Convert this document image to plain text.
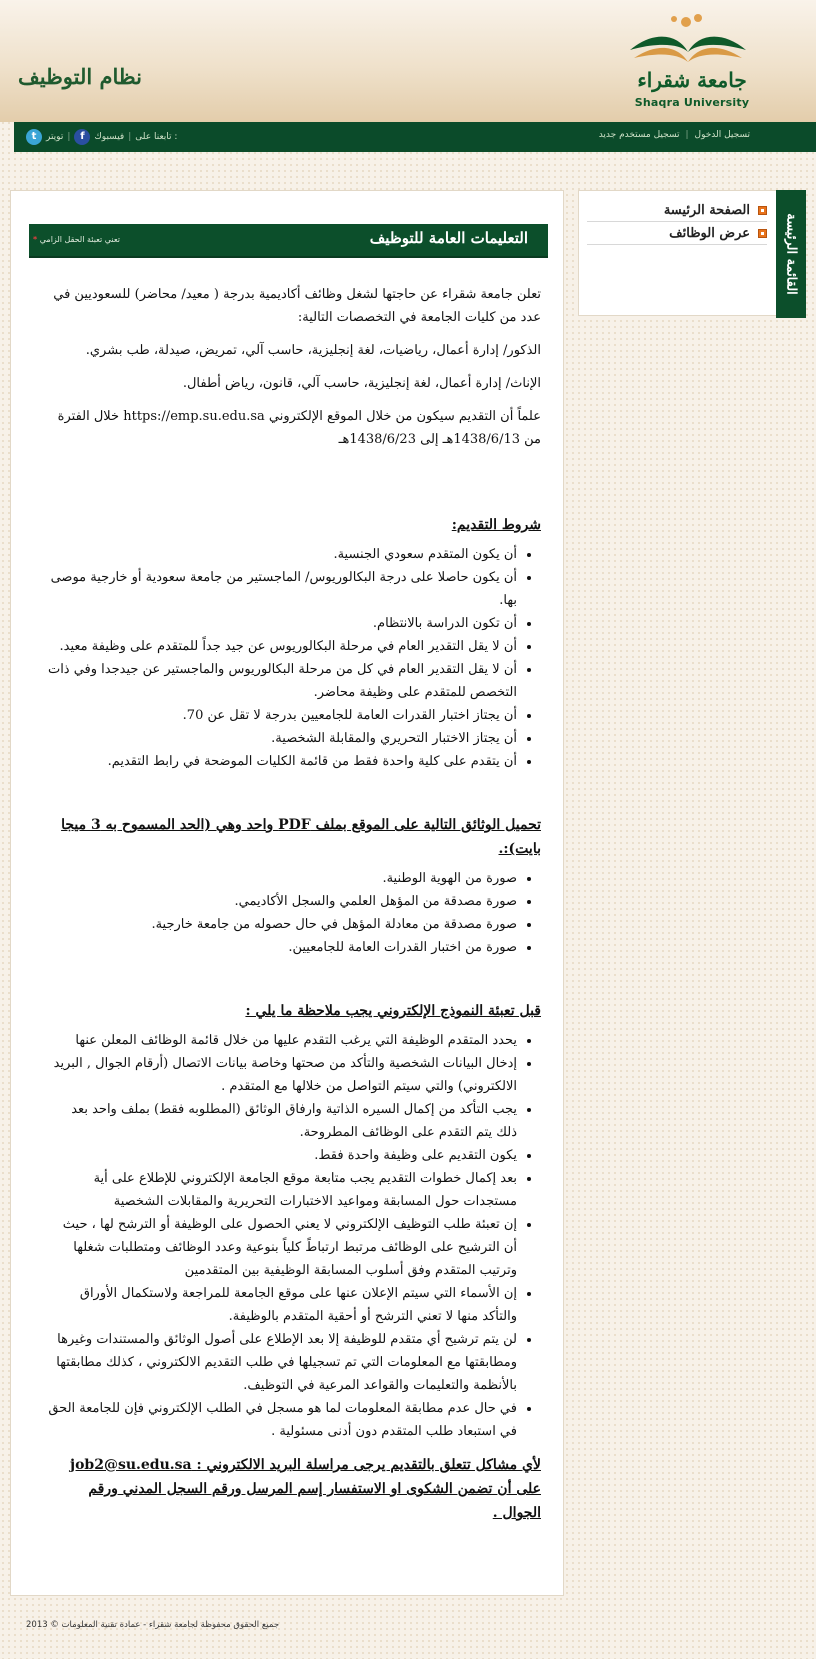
نظام التوظيف	جامعة شقراء
Shaqra University
t	تويتر | f	فيسبوك | تابعنا على :	تسجيل مستخدم جديد | تسجيل الدخول
القائمة الرئيسة
الصفحة الرئيسة
عرض الوظائف
التعليمات العامة للتوظيف
* تعني تعبئة الحقل الزامي

تعلن جامعة شقراء عن حاجتها لشغل وظائف أكاديمية بدرجة ( معيد/ محاضر) للسعوديين في عدد من كليات الجامعة في التخصصات التالية:

الذكور/ إدارة أعمال، رياضيات، لغة إنجليزية، حاسب آلي، تمريض، صيدلة، طب بشري.

الإناث/ إدارة أعمال، لغة إنجليزية، حاسب آلي، قانون، رياض أطفال.

علماً أن التقديم سيكون من خلال الموقع الإلكتروني https://emp.su.edu.sa خلال الفترة من 1438/6/13هـ إلى 1438/6/23هـ

شروط التقديم:
• أن يكون المتقدم سعودي الجنسية.
• أن يكون حاصلا على درجة البكالوريوس/ الماجستير من جامعة سعودية أو خارجية موصى بها.
• أن تكون الدراسة بالانتظام.
• أن لا يقل التقدير العام في مرحلة البكالوريوس عن جيد جداً للمتقدم على وظيفة معيد.
• أن لا يقل التقدير العام في كل من مرحلة البكالوريوس والماجستير عن جيدجدا وفي ذات التخصص للمتقدم على وظيفة محاضر.
• أن يجتاز اختبار القدرات العامة للجامعيين بدرجة لا تقل عن 70.
• أن يجتاز الاختبار التحريري والمقابلة الشخصية.
• أن يتقدم على كلية واحدة فقط من قائمة الكليات الموضحة في رابط التقديم.
تحميل الوثائق التالية على الموقع بملف PDF واحد وهي (الحد المسموح به 3 ميجا بايت):.
• صورة من الهوية الوطنية.
• صورة مصدقة من المؤهل العلمي والسجل الأكاديمي.
• صورة مصدقة من معادلة المؤهل في حال حصوله من جامعة خارجية.
• صورة من اختبار القدرات العامة للجامعيين.
قبل تعبئة النموذج الإلكتروني يجب ملاحظة ما يلي :
• يحدد المتقدم الوظيفة التي يرغب التقدم عليها من خلال قائمة الوظائف المعلن عنها
• إدخال البيانات الشخصية والتأكد من صحتها وخاصة بيانات الاتصال (أرقام الجوال , البريد الالكتروني) والتي سيتم التواصل من خلالها مع المتقدم .
• يجب التأكد من إكمال السيره الذاتية وارفاق الوثائق (المطلوبه فقط) بملف واحد بعد ذلك يتم التقدم على الوظائف المطروحة.
• يكون التقديم على وظيفة واحدة فقط.
• بعد إكمال خطوات التقديم يجب متابعة موقع الجامعة الإلكتروني للإطلاع على أية مستجدات حول المسابقة ومواعيد الاختبارات التحريرية والمقابلات الشخصية
• إن تعبئة طلب التوظيف الإلكتروني لا يعني الحصول على الوظيفة أو الترشح لها ، حيث أن الترشيح على الوظائف مرتبط ارتباطً كلياً بنوعية وعدد الوظائف ومتطلبات شغلها وترتيب المتقدم وفق أسلوب المسابقة الوظيفية بين المتقدمين
• إن الأسماء التي سيتم الإعلان عنها على موقع الجامعة للمراجعة ولاستكمال الأوراق والتأكد منها لا تعني الترشح أو أحقية المتقدم بالوظيفة.
• لن يتم ترشيح أي متقدم للوظيفة إلا بعد الإطلاع على أصول الوثائق والمستندات وغيرها ومطابقتها مع المعلومات التي تم تسجيلها في طلب التقديم الالكتروني ، كذلك مطابقتها بالأنظمة والتعليمات والقواعد المرعية في التوظيف.
• في حال عدم مطابقة المعلومات لما هو مسجل في الطلب الإلكتروني فإن للجامعة الحق في استبعاد طلب المتقدم دون أدنى مسئولية .
لأي مشاكل تتعلق بالتقديم يرجى مراسلة البريد الالكتروني : job2@su.edu.sa على أن تضمن الشكوى او الاستفسار إسم المرسل ورقم السجل المدني ورقم الجوال .
جميع الحقوق محفوظة لجامعة شقراء - عمادة تقنية المعلومات © 2013
